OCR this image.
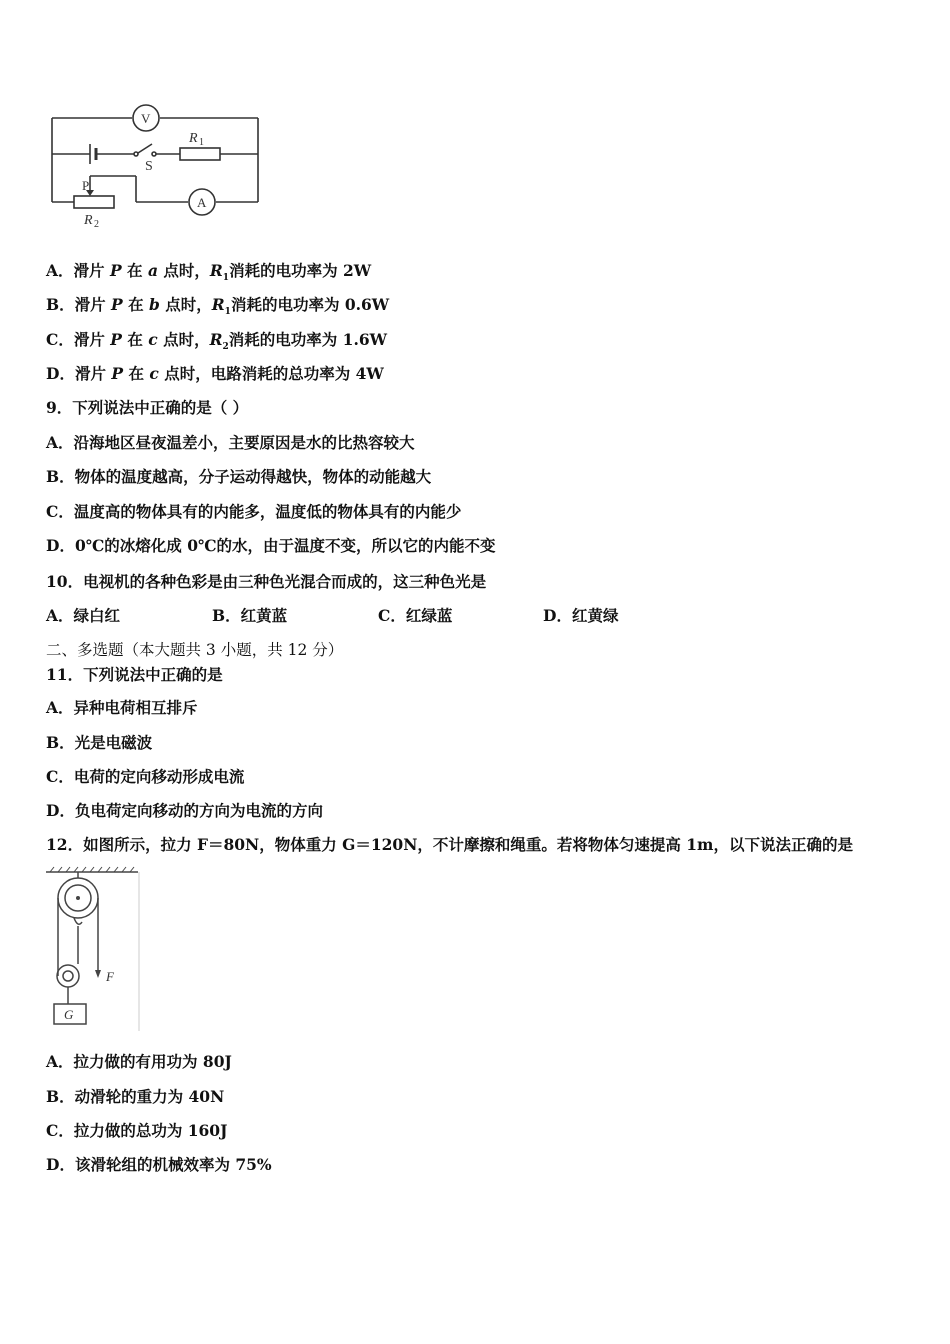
V
A
S
R 1
R 2
P
A．滑片 P 在 a 点时，$R_1$消耗的电功率为 2W
B．滑片 P 在 b 点时，$R_1$消耗的电功率为 0.6W
C．滑片 P 在 c 点时，$R_2$消耗的电功率为 1.6W
D．滑片 P 在 c 点时，电路消耗的总功率为 4W
9．下列说法中正确的是（ ）
A．沿海地区昼夜温差小，主要原因是水的比热容较大
B．物体的温度越高，分子运动得越快，物体的动能越大
C．温度高的物体具有的内能多，温度低的物体具有的内能少
D．0℃的冰熔化成 0℃的水，由于温度不变，所以它的内能不变
10．电视机的各种色彩是由三种色光混合而成的，这三种色光是
A．绿白红	B．红黄蓝	C．红绿蓝	D．红黄绿
二、多选题（本大题共 3 小题，共 12 分）
11．下列说法中正确的是
A．异种电荷相互排斥
B．光是电磁波
C．电荷的定向移动形成电流
D．负电荷定向移动的方向为电流的方向
12．如图所示，拉力 F＝80N，物体重力 G＝120N，不计摩擦和绳重。若将物体匀速提高 1m，以下说法正确的是
F
G
A．拉力做的有用功为 80J
B．动滑轮的重力为 40N
C．拉力做的总功为 160J
D．该滑轮组的机械效率为 75%
